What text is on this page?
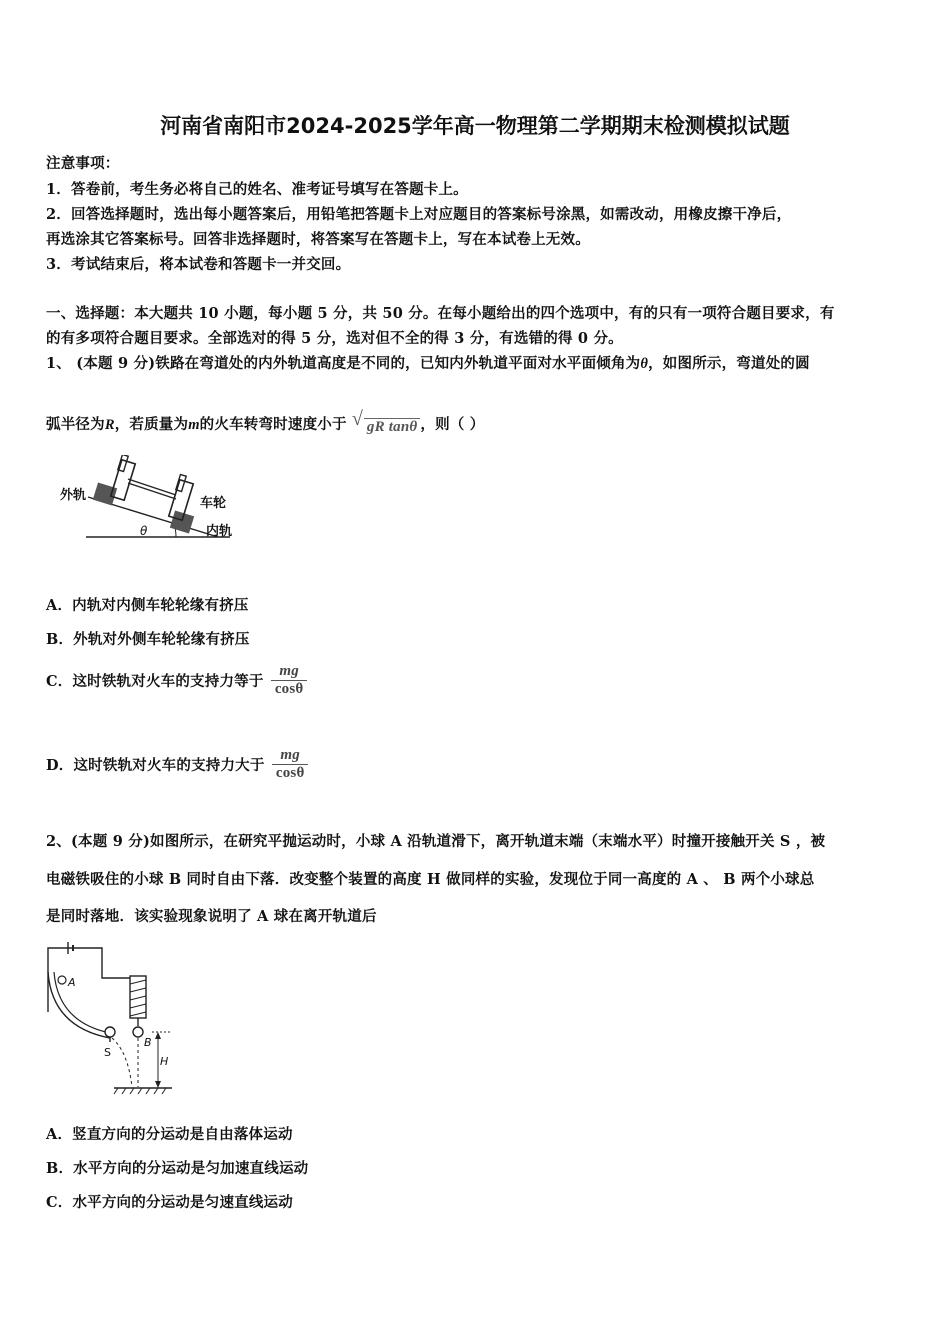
河南省南阳市2024-2025学年高一物理第二学期期末检测模拟试题
注意事项：
1．答卷前，考生务必将自己的姓名、准考证号填写在答题卡上。
2．回答选择题时，选出每小题答案后，用铅笔把答题卡上对应题目的答案标号涂黑，如需改动，用橡皮擦干净后，
再选涂其它答案标号。回答非选择题时，将答案写在答题卡上，写在本试卷上无效。
3．考试结束后，将本试卷和答题卡一并交回。
一、选择题：本大题共 10 小题，每小题 5 分，共 50 分。在每小题给出的四个选项中，有的只有一项符合题目要求，有
的有多项符合题目要求。全部选对的得 5 分，选对但不全的得 3 分，有选错的得 0 分。
1、 (本题 9 分)铁路在弯道处的内外轨道高度是不同的，已知内外轨道平面对水平面倾角为θ，如图所示，弯道处的圆
弧半径为R，若质量为m的火车转弯时速度小于 √ gR tanθ ，则（ ）
外轨
车轮
内轨
θ
A．内轨对内侧车轮轮缘有挤压
B．外轨对外侧车轮轮缘有挤压
C．这时铁轨对火车的支持力等于 $\frac{mg}{\cos\theta}$
D．这时铁轨对火车的支持力大于 $\frac{mg}{\cos\theta}$
2、(本题 9 分)如图所示，在研究平抛运动时，小球 A 沿轨道滑下，离开轨道末端（末端水平）时撞开接触开关 S ，被
电磁铁吸住的小球 B 同时自由下落．改变整个装置的高度 H 做同样的实验，发现位于同一高度的 A 、 B 两个小球总
是同时落地．该实验现象说明了 A 球在离开轨道后
A
S
B
H
A．竖直方向的分运动是自由落体运动
B．水平方向的分运动是匀加速直线运动
C．水平方向的分运动是匀速直线运动
